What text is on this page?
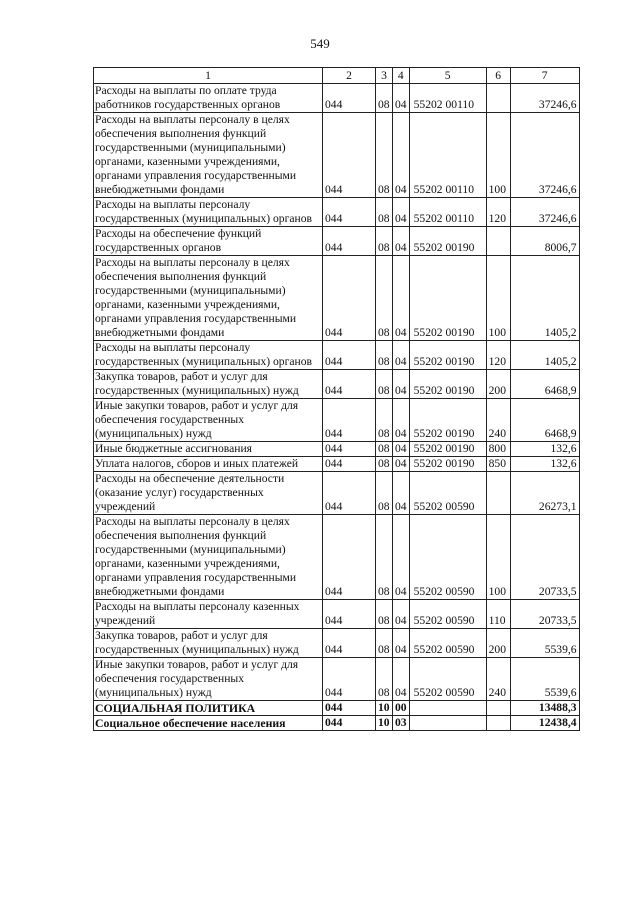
549
1	2	3	4	5	6	7
Расходы на выплаты по оплате труда работников государственных органов	044	08	04	55202 00110		37246,6
Расходы на выплаты персоналу в целях обеспечения выполнения функций государственными (муниципальными) органами, казенными учреждениями, органами управления государственными внебюджетными фондами	044	08	04	55202 00110	100	37246,6
Расходы на выплаты персоналу государственных (муниципальных) органов	044	08	04	55202 00110	120	37246,6
Расходы на обеспечение функций государственных органов	044	08	04	55202 00190		8006,7
Расходы на выплаты персоналу в целях обеспечения выполнения функций государственными (муниципальными) органами, казенными учреждениями, органами управления государственными внебюджетными фондами	044	08	04	55202 00190	100	1405,2
Расходы на выплаты персоналу государственных (муниципальных) органов	044	08	04	55202 00190	120	1405,2
Закупка товаров, работ и услуг для государственных (муниципальных) нужд	044	08	04	55202 00190	200	6468,9
Иные закупки товаров, работ и услуг для обеспечения государственных (муниципальных) нужд	044	08	04	55202 00190	240	6468,9
Иные бюджетные ассигнования	044	08	04	55202 00190	800	132,6
Уплата налогов, сборов и иных платежей	044	08	04	55202 00190	850	132,6
Расходы на обеспечение деятельности (оказание услуг) государственных учреждений	044	08	04	55202 00590		26273,1
Расходы на выплаты персоналу в целях обеспечения выполнения функций государственными (муниципальными) органами, казенными учреждениями, органами управления государственными внебюджетными фондами	044	08	04	55202 00590	100	20733,5
Расходы на выплаты персоналу казенных учреждений	044	08	04	55202 00590	110	20733,5
Закупка товаров, работ и услуг для государственных (муниципальных) нужд	044	08	04	55202 00590	200	5539,6
Иные закупки товаров, работ и услуг для обеспечения государственных (муниципальных) нужд	044	08	04	55202 00590	240	5539,6
СОЦИАЛЬНАЯ ПОЛИТИКА	044	10	00			13488,3
Социальное обеспечение населения	044	10	03			12438,4
